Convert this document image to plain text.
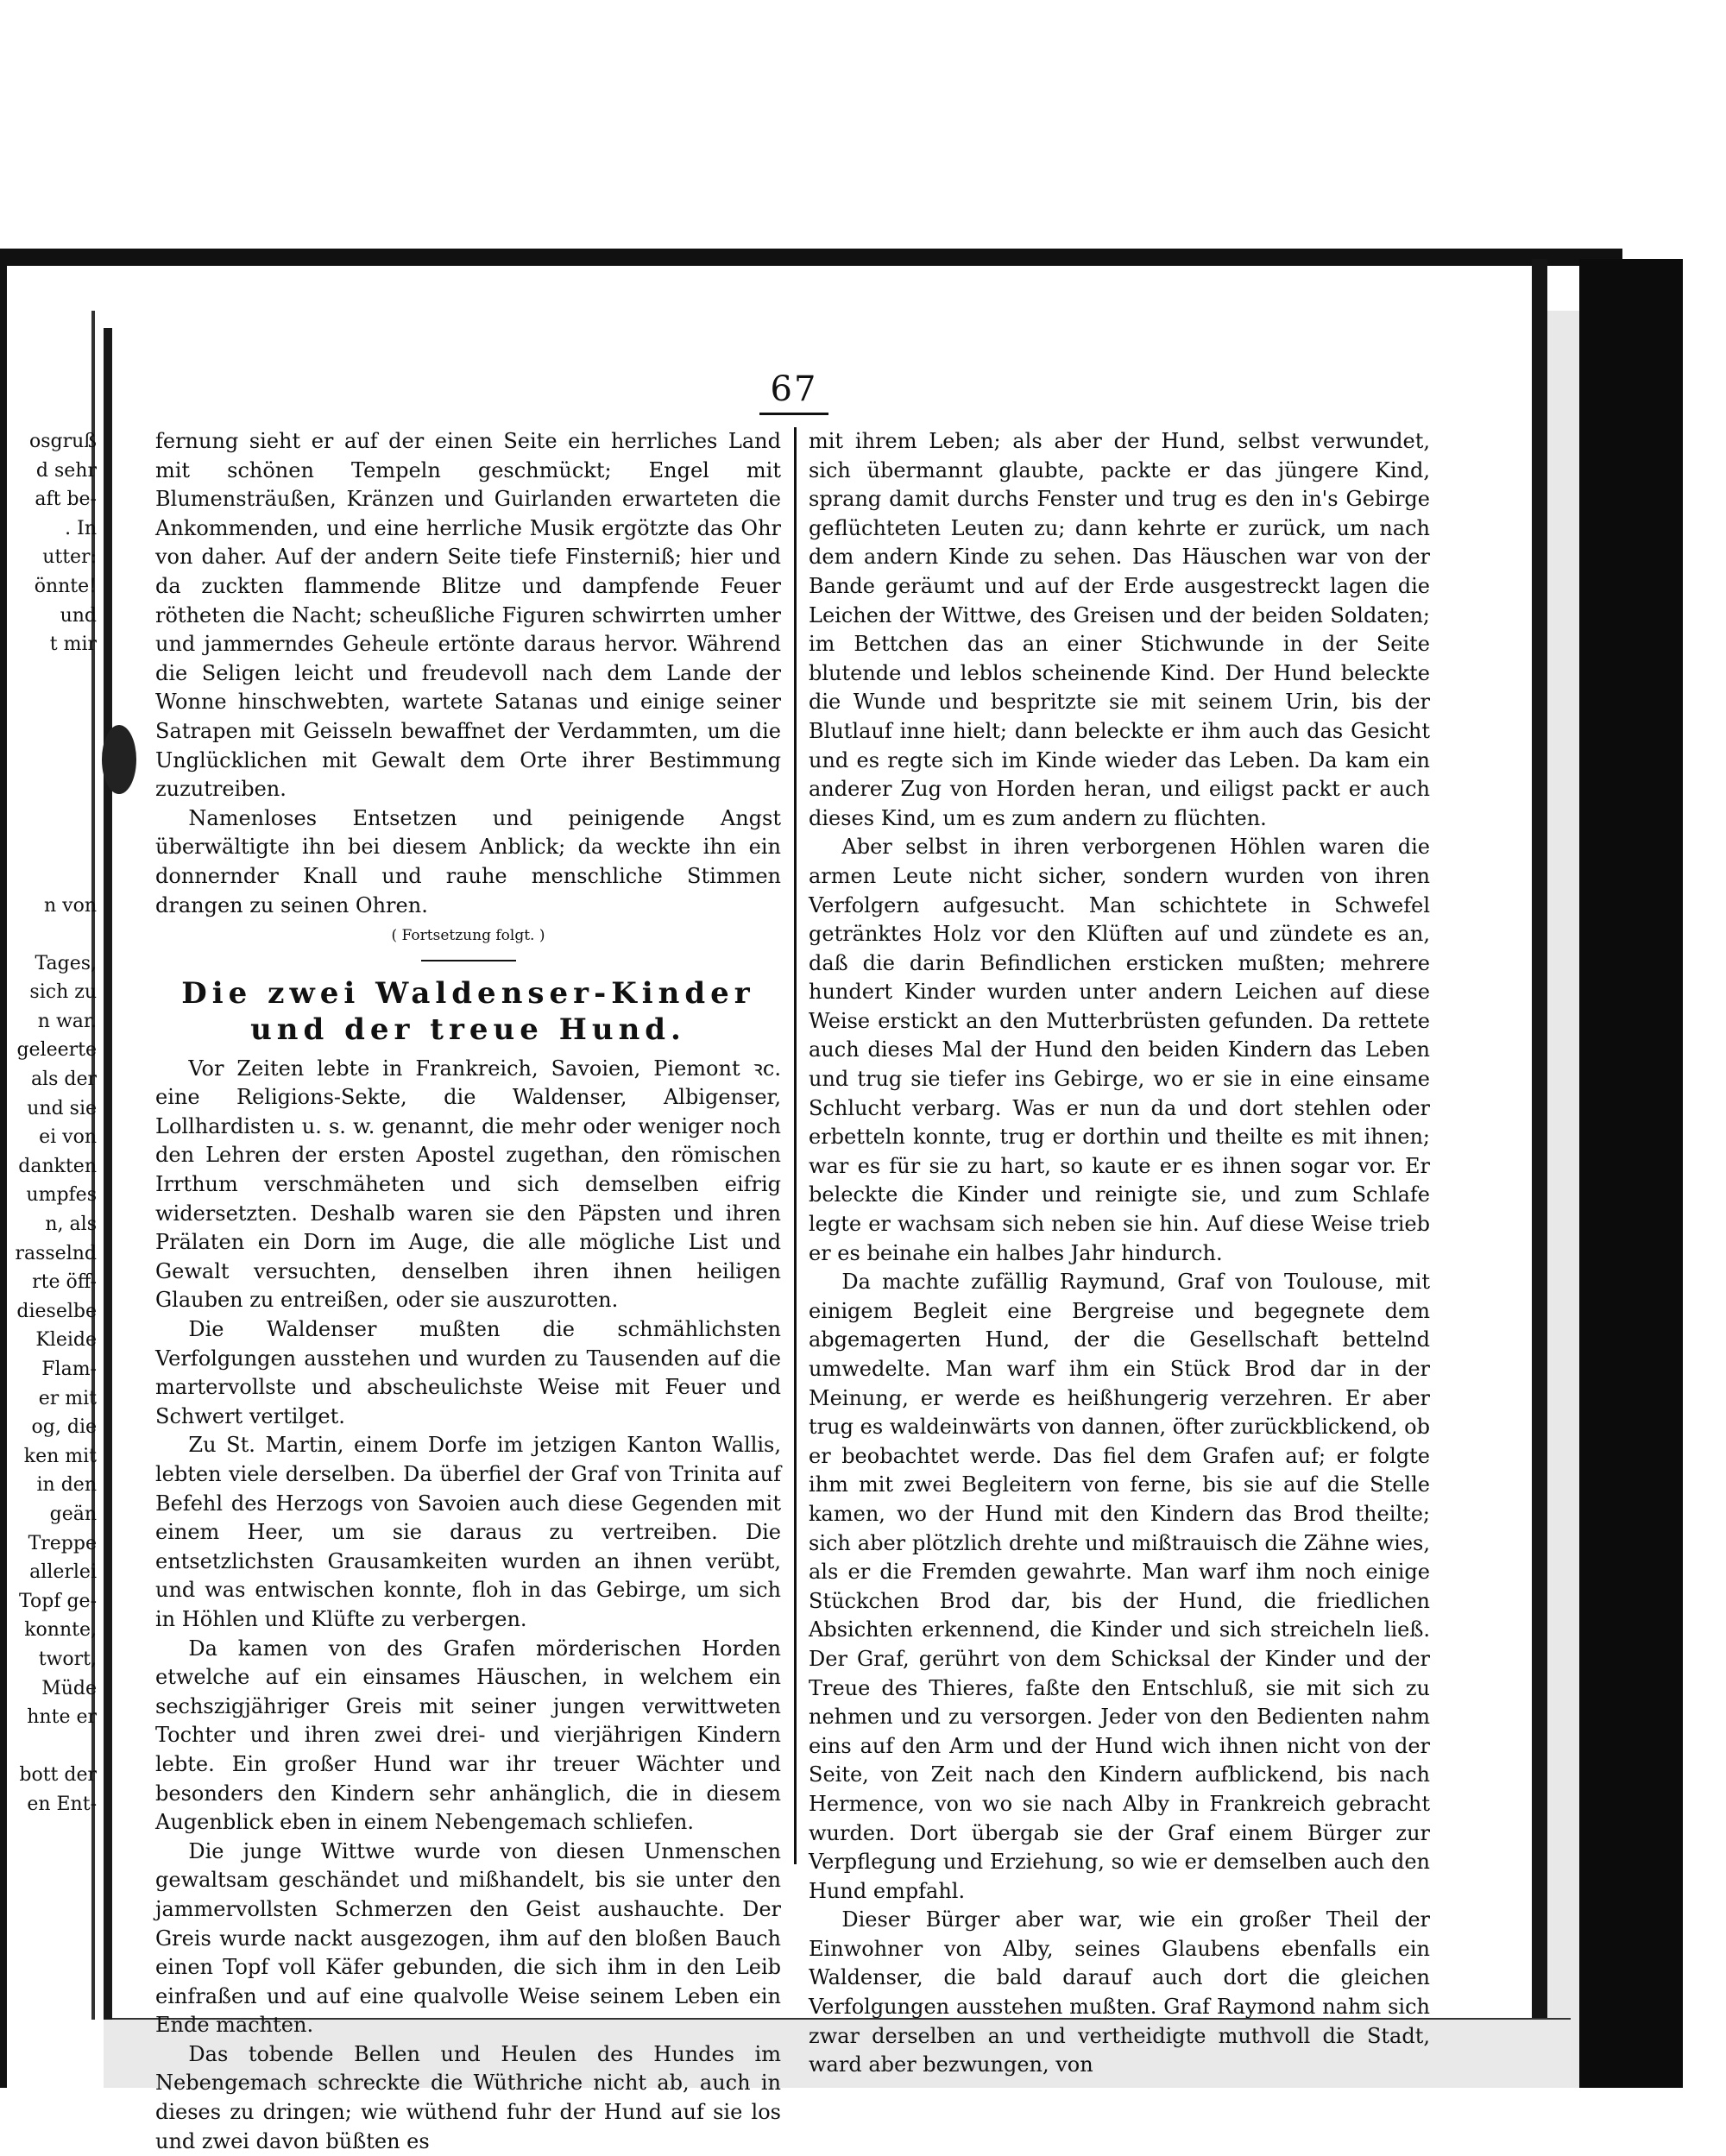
osgruß
d sehr
aft be-
. In
utter:
önnte!
und
t mir

n von

Tages,
sich zu
n war.
geleerte
als der
und sie
ei von
dankten
umpfes
n, als
rasselnd
rte öff-
dieselbe
Kleide
Flam-
er mit
og, die
ken mit
in den
geän
Treppe
allerlei
Topf ge-
konnte,
twort,
Müde
hnte er

bott der
en Ent-
67

fernung sieht er auf der einen Seite ein herrliches Land mit schönen Tempeln geschmückt; Engel mit Blumensträußen, Kränzen und Guirlanden erwarteten die Ankommenden, und eine herrliche Musik ergötzte das Ohr von daher. Auf der andern Seite tiefe Finsterniß; hier und da zuckten flammende Blitze und dampfende Feuer rötheten die Nacht; scheußliche Figuren schwirrten umher und jammerndes Geheule ertönte daraus hervor. Während die Seligen leicht und freudevoll nach dem Lande der Wonne hinschwebten, wartete Satanas und einige seiner Satrapen mit Geisseln bewaffnet der Verdammten, um die Unglücklichen mit Gewalt dem Orte ihrer Bestimmung zuzutreiben.

Namenloses Entsetzen und peinigende Angst überwältigte ihn bei diesem Anblick; da weckte ihn ein donnernder Knall und rauhe menschliche Stimmen drangen zu seinen Ohren.

( Fortsetzung folgt. )
Die zwei Waldenser-Kinder und der treue Hund.

Vor Zeiten lebte in Frankreich, Savoien, Piemont ꝛc. eine Religions-Sekte, die Waldenser, Albigenser, Lollhardisten u. s. w. genannt, die mehr oder weniger noch den Lehren der ersten Apostel zugethan, den römischen Irrthum verschmäheten und sich demselben eifrig widersetzten. Deshalb waren sie den Päpsten und ihren Prälaten ein Dorn im Auge, die alle mögliche List und Gewalt versuchten, denselben ihren ihnen heiligen Glauben zu entreißen, oder sie auszurotten.

Die Waldenser mußten die schmählichsten Verfolgungen ausstehen und wurden zu Tausenden auf die martervollste und abscheulichste Weise mit Feuer und Schwert vertilget.

Zu St. Martin, einem Dorfe im jetzigen Kanton Wallis, lebten viele derselben. Da überfiel der Graf von Trinita auf Befehl des Herzogs von Savoien auch diese Gegenden mit einem Heer, um sie daraus zu vertreiben. Die entsetzlichsten Grausamkeiten wurden an ihnen verübt, und was entwischen konnte, floh in das Gebirge, um sich in Höhlen und Klüfte zu verbergen.

Da kamen von des Grafen mörderischen Horden etwelche auf ein einsames Häuschen, in welchem ein sechszigjähriger Greis mit seiner jungen verwittweten Tochter und ihren zwei drei- und vierjährigen Kindern lebte. Ein großer Hund war ihr treuer Wächter und besonders den Kindern sehr anhänglich, die in diesem Augenblick eben in einem Nebengemach schliefen.

Die junge Wittwe wurde von diesen Unmenschen gewaltsam geschändet und mißhandelt, bis sie unter den jammervollsten Schmerzen den Geist aushauchte. Der Greis wurde nackt ausgezogen, ihm auf den bloßen Bauch einen Topf voll Käfer gebunden, die sich ihm in den Leib einfraßen und auf eine qualvolle Weise seinem Leben ein Ende machten.

Das tobende Bellen und Heulen des Hundes im Nebengemach schreckte die Wüthriche nicht ab, auch in dieses zu dringen; wie wüthend fuhr der Hund auf sie los und zwei davon büßten es

mit ihrem Leben; als aber der Hund, selbst verwundet, sich übermannt glaubte, packte er das jüngere Kind, sprang damit durchs Fenster und trug es den in's Gebirge geflüchteten Leuten zu; dann kehrte er zurück, um nach dem andern Kinde zu sehen. Das Häuschen war von der Bande geräumt und auf der Erde ausgestreckt lagen die Leichen der Wittwe, des Greisen und der beiden Soldaten; im Bettchen das an einer Stichwunde in der Seite blutende und leblos scheinende Kind. Der Hund beleckte die Wunde und bespritzte sie mit seinem Urin, bis der Blutlauf inne hielt; dann beleckte er ihm auch das Gesicht und es regte sich im Kinde wieder das Leben. Da kam ein anderer Zug von Horden heran, und eiligst packt er auch dieses Kind, um es zum andern zu flüchten.

Aber selbst in ihren verborgenen Höhlen waren die armen Leute nicht sicher, sondern wurden von ihren Verfolgern aufgesucht. Man schichtete in Schwefel getränktes Holz vor den Klüften auf und zündete es an, daß die darin Befindlichen ersticken mußten; mehrere hundert Kinder wurden unter andern Leichen auf diese Weise erstickt an den Mutterbrüsten gefunden. Da rettete auch dieses Mal der Hund den beiden Kindern das Leben und trug sie tiefer ins Gebirge, wo er sie in eine einsame Schlucht verbarg. Was er nun da und dort stehlen oder erbetteln konnte, trug er dorthin und theilte es mit ihnen; war es für sie zu hart, so kaute er es ihnen sogar vor. Er beleckte die Kinder und reinigte sie, und zum Schlafe legte er wachsam sich neben sie hin. Auf diese Weise trieb er es beinahe ein halbes Jahr hindurch.

Da machte zufällig Raymund, Graf von Toulouse, mit einigem Begleit eine Bergreise und begegnete dem abgemagerten Hund, der die Gesellschaft bettelnd umwedelte. Man warf ihm ein Stück Brod dar in der Meinung, er werde es heißhungerig verzehren. Er aber trug es waldeinwärts von dannen, öfter zurückblickend, ob er beobachtet werde. Das fiel dem Grafen auf; er folgte ihm mit zwei Begleitern von ferne, bis sie auf die Stelle kamen, wo der Hund mit den Kindern das Brod theilte; sich aber plötzlich drehte und mißtrauisch die Zähne wies, als er die Fremden gewahrte. Man warf ihm noch einige Stückchen Brod dar, bis der Hund, die friedlichen Absichten erkennend, die Kinder und sich streicheln ließ. Der Graf, gerührt von dem Schicksal der Kinder und der Treue des Thieres, faßte den Entschluß, sie mit sich zu nehmen und zu versorgen. Jeder von den Bedienten nahm eins auf den Arm und der Hund wich ihnen nicht von der Seite, von Zeit nach den Kindern aufblickend, bis nach Hermence, von wo sie nach Alby in Frankreich gebracht wurden. Dort übergab sie der Graf einem Bürger zur Verpflegung und Erziehung, so wie er demselben auch den Hund empfahl.

Dieser Bürger aber war, wie ein großer Theil der Einwohner von Alby, seines Glaubens ebenfalls ein Waldenser, die bald darauf auch dort die gleichen Verfolgungen ausstehen mußten. Graf Raymond nahm sich zwar derselben an und vertheidigte muthvoll die Stadt, ward aber bezwungen, von
